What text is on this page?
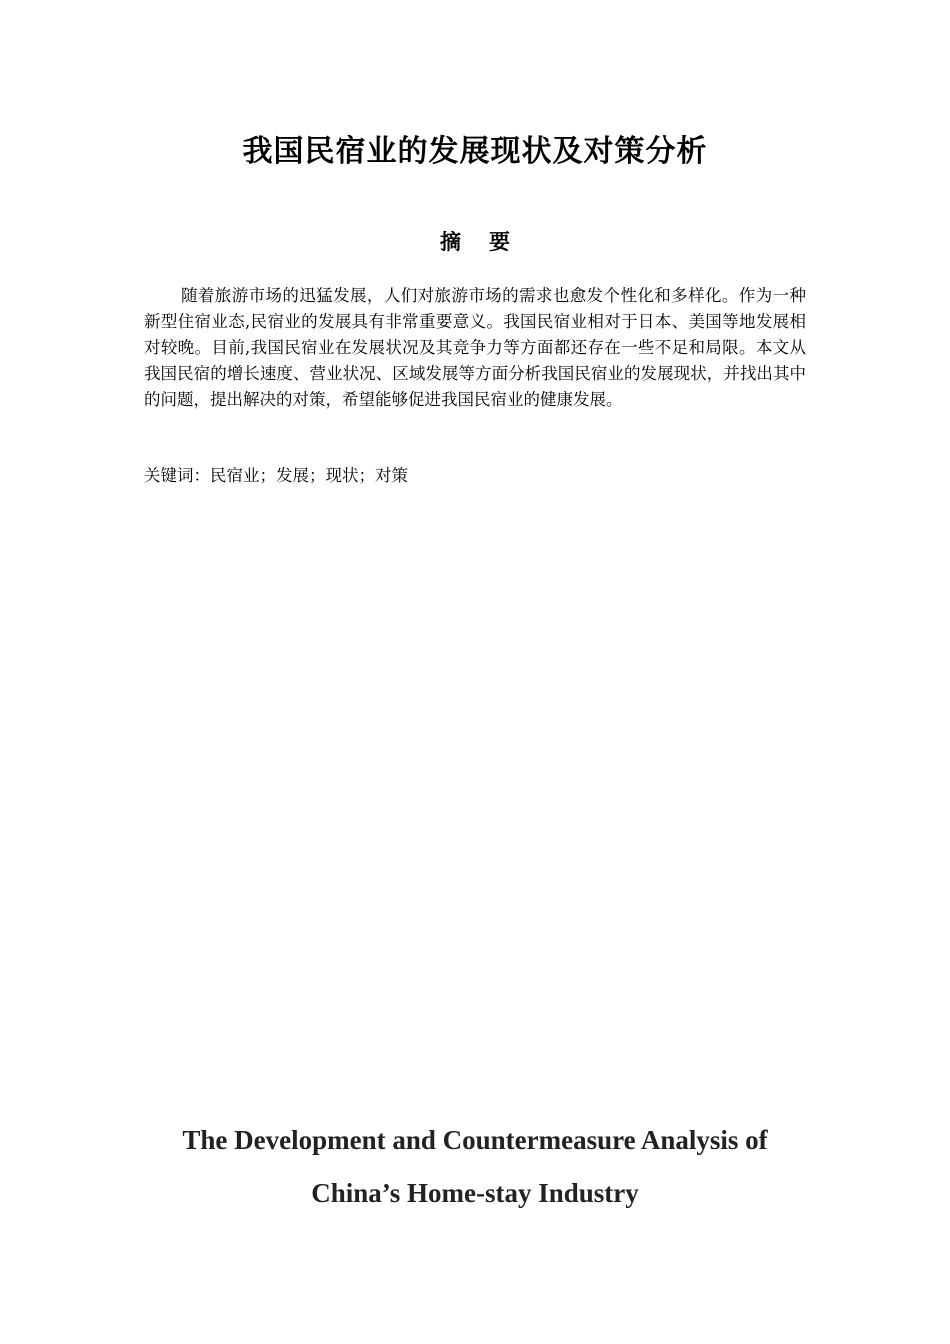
我国民宿业的发展现状及对策分析
摘要

随着旅游市场的迅猛发展，人们对旅游市场的需求也愈发个性化和多样化。作为一种新型住宿业态,民宿业的发展具有非常重要意义。我国民宿业相对于日本、美国等地发展相对较晚。目前,我国民宿业在发展状况及其竞争力等方面都还存在一些不足和局限。本文从我国民宿的增长速度、营业状况、区域发展等方面分析我国民宿业的发展现状，并找出其中的问题，提出解决的对策，希望能够促进我国民宿业的健康发展。

关键词：民宿业；发展；现状；对策

The Development and Countermeasure Analysis of
China’s Home-stay Industry
